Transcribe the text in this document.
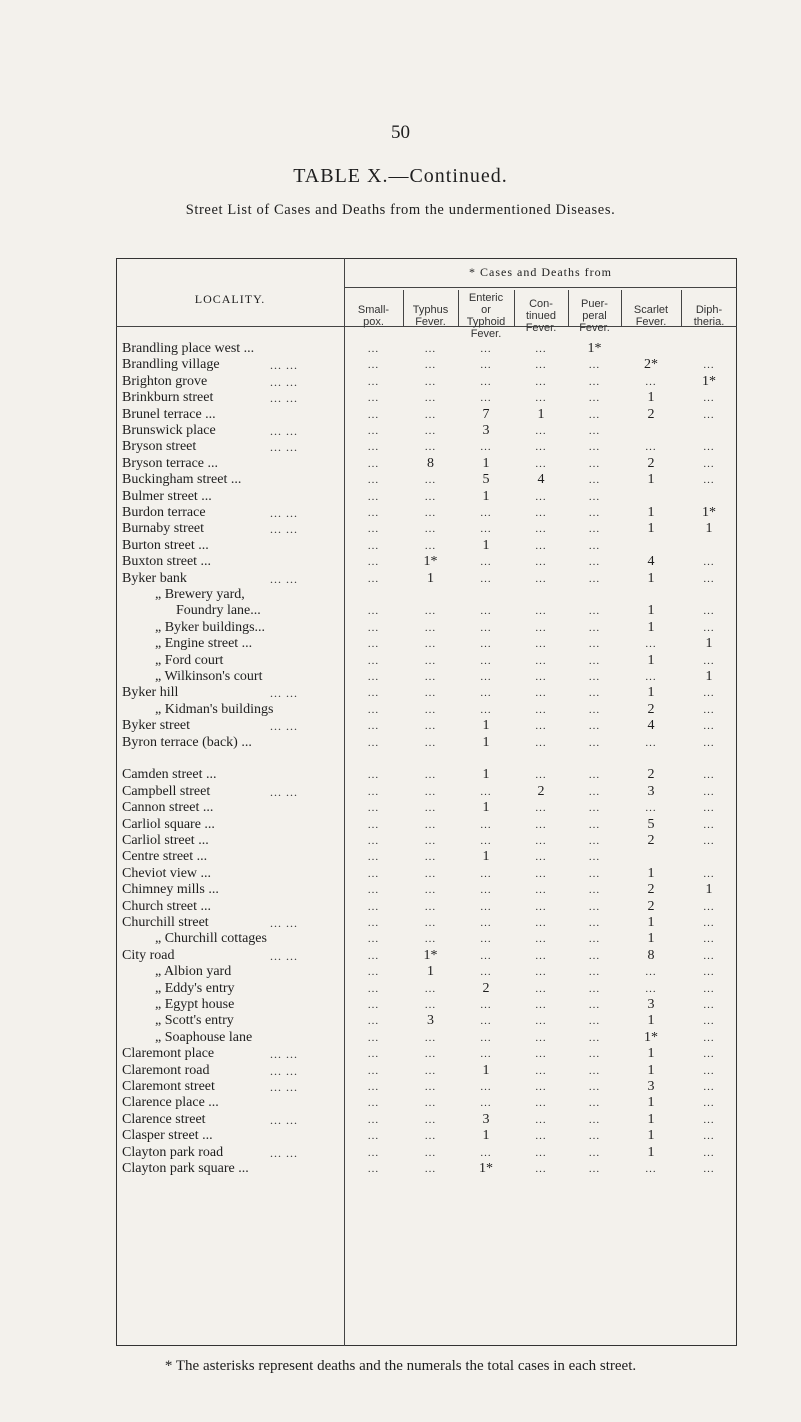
50
TABLE X.—Continued.
Street List of Cases and Deaths from the undermentioned Diseases.
* Cases and Deaths from
LOCALITY.
Small-
pox.
Typhus
Fever.
Enteric
or
Typhoid
Fever.
Con-
tinued
Fever.
Puer-
peral
Fever.
Scarlet
Fever.
Diph-
theria.
Brandling place west ...	...	...	...	...	1*
Brandling village	... ...	...	...	...	...	...	2*	...
Brighton grove	... ...	...	...	...	...	...	...	1*
Brinkburn street	... ...	...	...	...	...	...	1	...
Brunel terrace ...	...	...	7	1	...	2	...
Brunswick place	... ...	...	...	3	...	...
Bryson street	... ...	...	...	...	...	...	...	...
Bryson terrace ...	...	8	1	...	...	2	...
Buckingham street ...	...	...	5	4	...	1	...
Bulmer street ...	...	...	1	...	...
Burdon terrace	... ...	...	...	...	...	...	1	1*
Burnaby street	... ...	...	...	...	...	...	1	1
Burton street ...	...	...	1	...	...
Buxton street ...	...	1*	...	...	...	4	...
Byker bank	... ...	...	1	...	...	...	1	...
„ Brewery yard,
Foundry lane...	...	...	...	...	...	1	...
„ Byker buildings...	...	...	...	...	...	1	...
„ Engine street ...	...	...	...	...	...	...	1
„ Ford court	...	...	...	...	...	1	...
„ Wilkinson's court	...	...	...	...	...	...	1
Byker hill	... ...	...	...	...	...	...	1	...
„ Kidman's buildings	...	...	...	...	...	2	...
Byker street	... ...	...	...	1	...	...	4	...
Byron terrace (back) ...	...	...	1	...	...	...	...
Camden street ...	...	...	1	...	...	2	...
Campbell street	... ...	...	...	...	2	...	3	...
Cannon street ...	...	...	1	...	...	...	...
Carliol square ...	...	...	...	...	...	5	...
Carliol street ...	...	...	...	...	...	2	...
Centre street ...	...	...	1	...	...
Cheviot view ...	...	...	...	...	...	1	...
Chimney mills ...	...	...	...	...	...	2	1
Church street ...	...	...	...	...	...	2	...
Churchill street	... ...	...	...	...	...	...	1	...
„ Churchill cottages	...	...	...	...	...	1	...
City road	... ...	...	1*	...	...	...	8	...
„ Albion yard	...	1	...	...	...	...	...
„ Eddy's entry	...	...	2	...	...	...	...
„ Egypt house	...	...	...	...	...	3	...
„ Scott's entry	...	3	...	...	...	1	...
„ Soaphouse lane	...	...	...	...	...	1*	...
Claremont place	... ...	...	...	...	...	...	1	...
Claremont road	... ...	...	...	1	...	...	1	...
Claremont street	... ...	...	...	...	...	...	3	...
Clarence place ...	...	...	...	...	...	1	...
Clarence street	... ...	...	...	3	...	...	1	...
Clasper street ...	...	...	1	...	...	1	...
Clayton park road	... ...	...	...	...	...	...	1	...
Clayton park square ...	...	...	1*	...	...	...	...
* The asterisks represent deaths and the numerals the total cases in each street.
